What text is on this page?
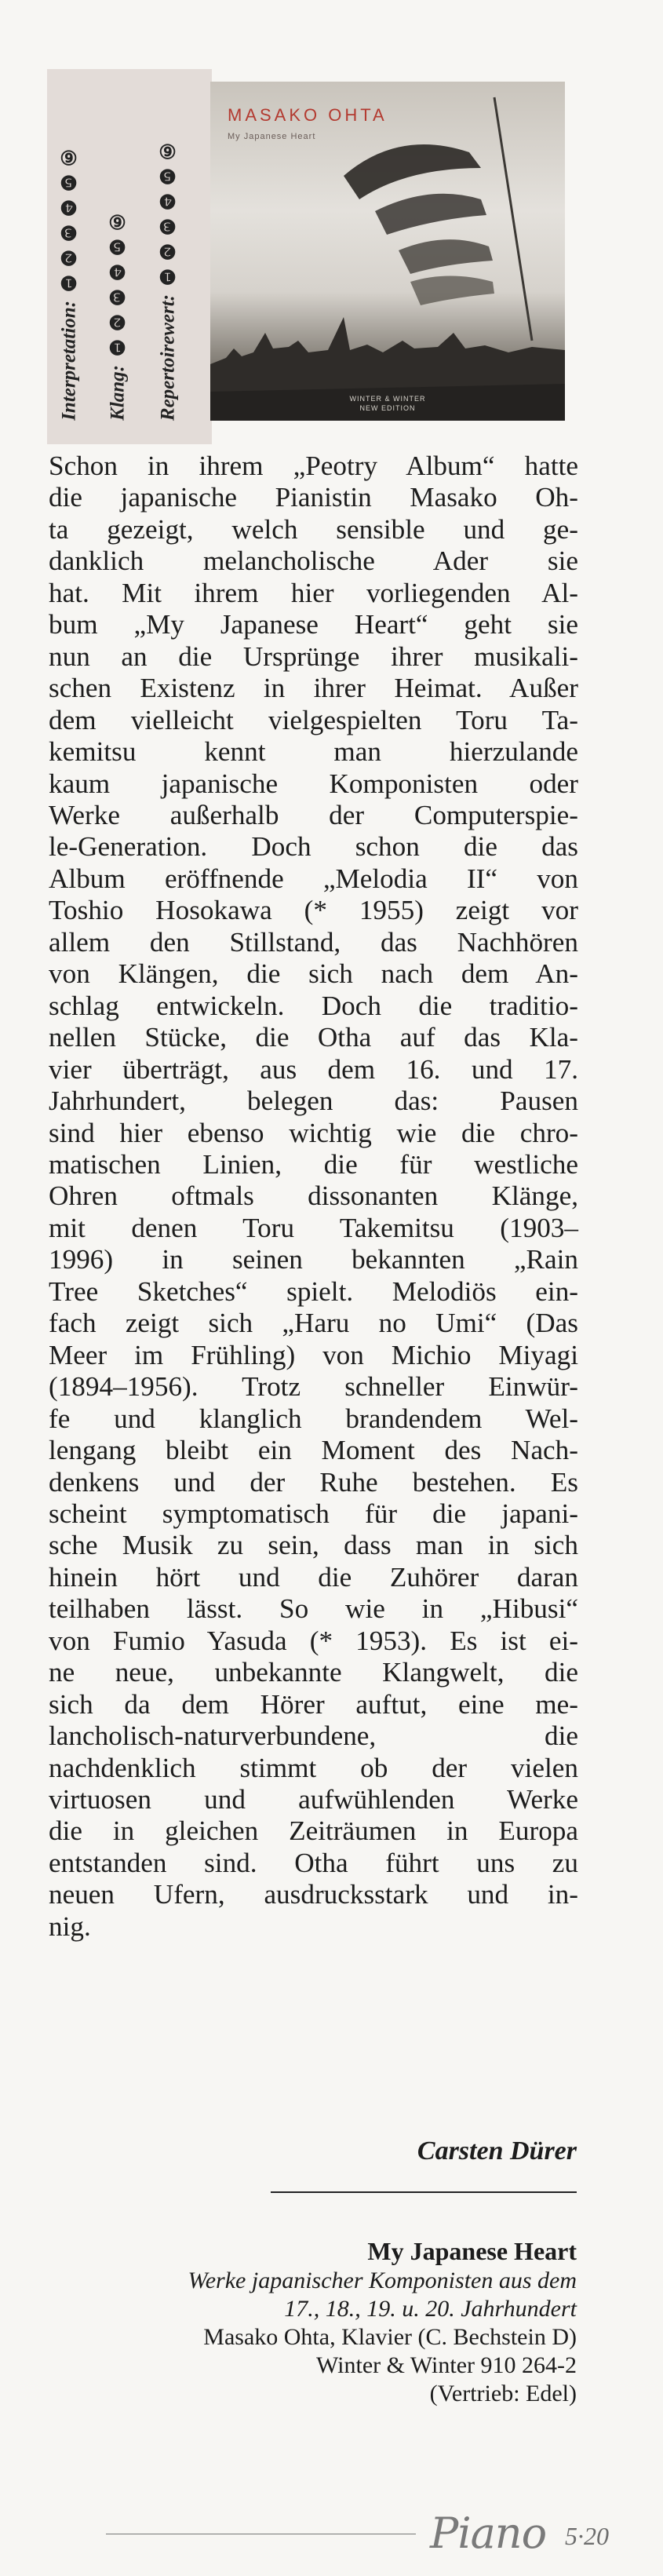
Interpretation:
❶❷❸❹❺⑥
Klang:
❶❷❸❹❺⑥ Repertoirewert:
❶❷❸❹❺⑥
MASAKO OHTA
My Japanese Heart
WINTER & WINTER
NEW EDITION
Schon in ihrem „Peotry Album“ hatte
die japanische Pianistin Masako Oh-
ta gezeigt, welch sensible und ge-
danklich melancholische Ader sie
hat. Mit ihrem hier vorliegenden Al-
bum „My Japanese Heart“ geht sie
nun an die Ursprünge ihrer musikali-
schen Existenz in ihrer Heimat. Außer
dem vielleicht vielgespielten Toru Ta-
kemitsu kennt man hierzulande
kaum japanische Komponisten oder
Werke außerhalb der Computerspie-
le-Generation. Doch schon die das
Album eröffnende „Melodia II“ von
Toshio Hosokawa (* 1955) zeigt vor
allem den Stillstand, das Nachhören
von Klängen, die sich nach dem An-
schlag entwickeln. Doch die traditio-
nellen Stücke, die Otha auf das Kla-
vier überträgt, aus dem 16. und 17.
Jahrhundert, belegen das: Pausen
sind hier ebenso wichtig wie die chro-
matischen Linien, die für westliche
Ohren oftmals dissonanten Klänge,
mit denen Toru Takemitsu (1903–
1996) in seinen bekannten „Rain
Tree Sketches“ spielt. Melodiös ein-
fach zeigt sich „Haru no Umi“ (Das
Meer im Frühling) von Michio Miyagi
(1894–1956). Trotz schneller Einwür-
fe und klanglich brandendem Wel-
lengang bleibt ein Moment des Nach-
denkens und der Ruhe bestehen. Es
scheint symptomatisch für die japani-
sche Musik zu sein, dass man in sich
hinein hört und die Zuhörer daran
teilhaben lässt. So wie in „Hibusi“
von Fumio Yasuda (* 1953). Es ist ei-
ne neue, unbekannte Klangwelt, die
sich da dem Hörer auftut, eine me-
lancholisch-naturverbundene, die
nachdenklich stimmt ob der vielen
virtuosen und aufwühlenden Werke
die in gleichen Zeiträumen in Europa
entstanden sind. Otha führt uns zu
neuen Ufern, ausdrucksstark und in-
nig.
Carsten Dürer
My Japanese Heart
Werke japanischer Komponisten aus dem
17., 18., 19. u. 20. Jahrhundert
Masako Ohta, Klavier (C. Bechstein D)
Winter & Winter 910 264-2
(Vertrieb: Edel)
Piano 5·20
